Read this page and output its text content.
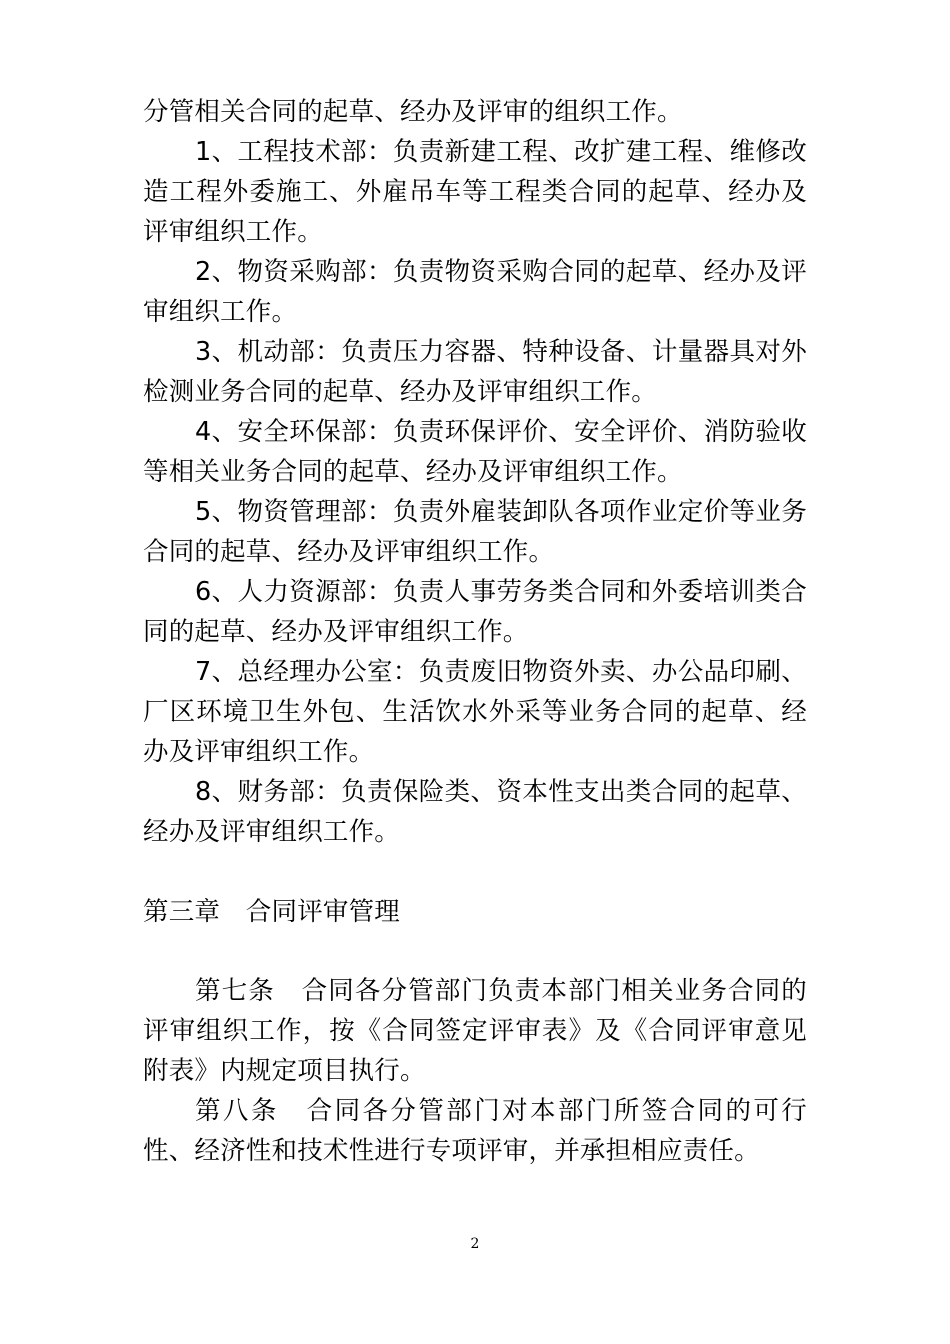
分管相关合同的起草、经办及评审的组织工作。

1、工程技术部：负责新建工程、改扩建工程、维修改造工程外委施工、外雇吊车等工程类合同的起草、经办及评审组织工作。

2、物资采购部：负责物资采购合同的起草、经办及评审组织工作。

3、机动部：负责压力容器、特种设备、计量器具对外检测业务合同的起草、经办及评审组织工作。

4、安全环保部：负责环保评价、安全评价、消防验收等相关业务合同的起草、经办及评审组织工作。

5、物资管理部：负责外雇装卸队各项作业定价等业务合同的起草、经办及评审组织工作。

6、人力资源部：负责人事劳务类合同和外委培训类合同的起草、经办及评审组织工作。

7、总经理办公室：负责废旧物资外卖、办公品印刷、厂区环境卫生外包、生活饮水外采等业务合同的起草、经办及评审组织工作。

8、财务部：负责保险类、资本性支出类合同的起草、经办及评审组织工作。

第三章　合同评审管理

第七条　合同各分管部门负责本部门相关业务合同的评审组织工作，按《合同签定评审表》及《合同评审意见附表》内规定项目执行。

第八条　合同各分管部门对本部门所签合同的可行性、经济性和技术性进行专项评审，并承担相应责任。

2
